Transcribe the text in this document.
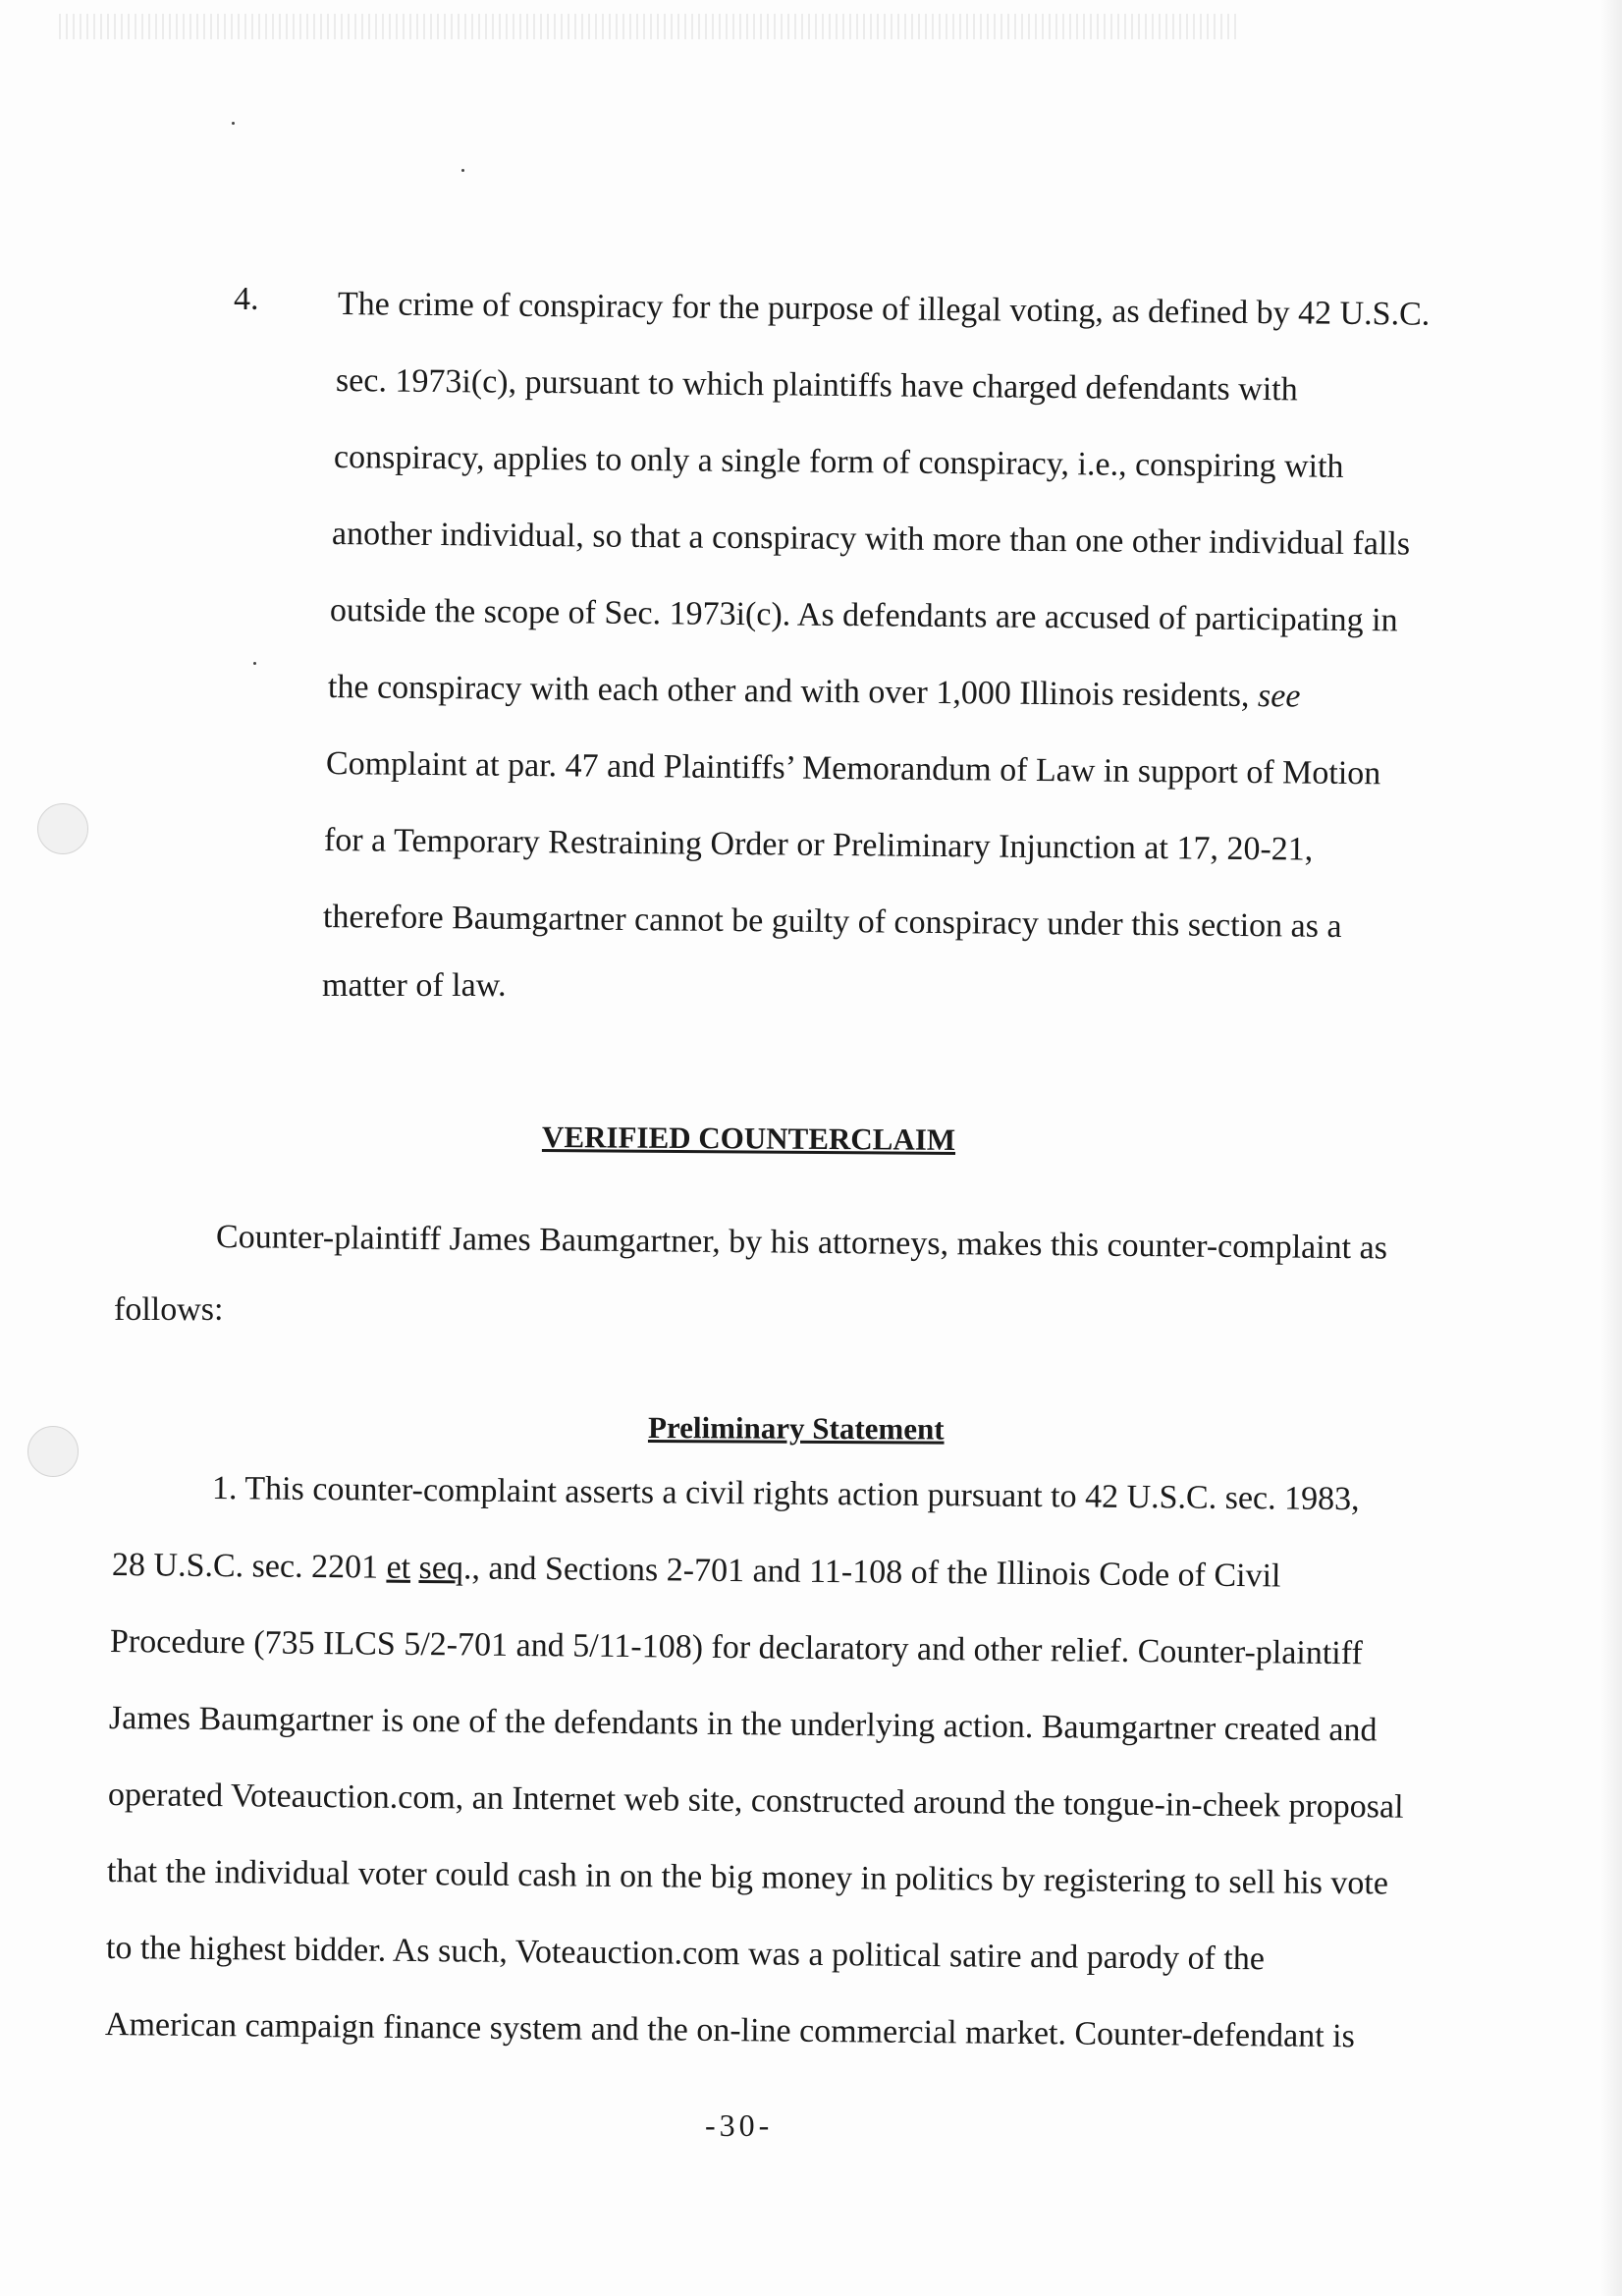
4. The crime of conspiracy for the purpose of illegal voting, as defined by 42 U.S.C.
sec. 1973i(c), pursuant to which plaintiffs have charged defendants with
conspiracy, applies to only a single form of conspiracy, i.e., conspiring with
another individual, so that a conspiracy with more than one other individual falls
outside the scope of Sec. 1973i(c). As defendants are accused of participating in
the conspiracy with each other and with over 1,000 Illinois residents, see
Complaint at par. 47 and Plaintiffs’ Memorandum of Law in support of Motion
for a Temporary Restraining Order or Preliminary Injunction at 17, 20-21,
therefore Baumgartner cannot be guilty of conspiracy under this section as a
matter of law.
VERIFIED COUNTERCLAIM
Counter-plaintiff James Baumgartner, by his attorneys, makes this counter-complaint as
follows:
Preliminary Statement
1. This counter-complaint asserts a civil rights action pursuant to 42 U.S.C. sec. 1983,
28 U.S.C. sec. 2201 et seq., and Sections 2-701 and 11-108 of the Illinois Code of Civil
Procedure (735 ILCS 5/2-701 and 5/11-108) for declaratory and other relief. Counter-plaintiff
James Baumgartner is one of the defendants in the underlying action. Baumgartner created and
operated Voteauction.com, an Internet web site, constructed around the tongue-in-cheek proposal
that the individual voter could cash in on the big money in politics by registering to sell his vote
to the highest bidder. As such, Voteauction.com was a political satire and parody of the
American campaign finance system and the on-line commercial market. Counter-defendant is
-30-
